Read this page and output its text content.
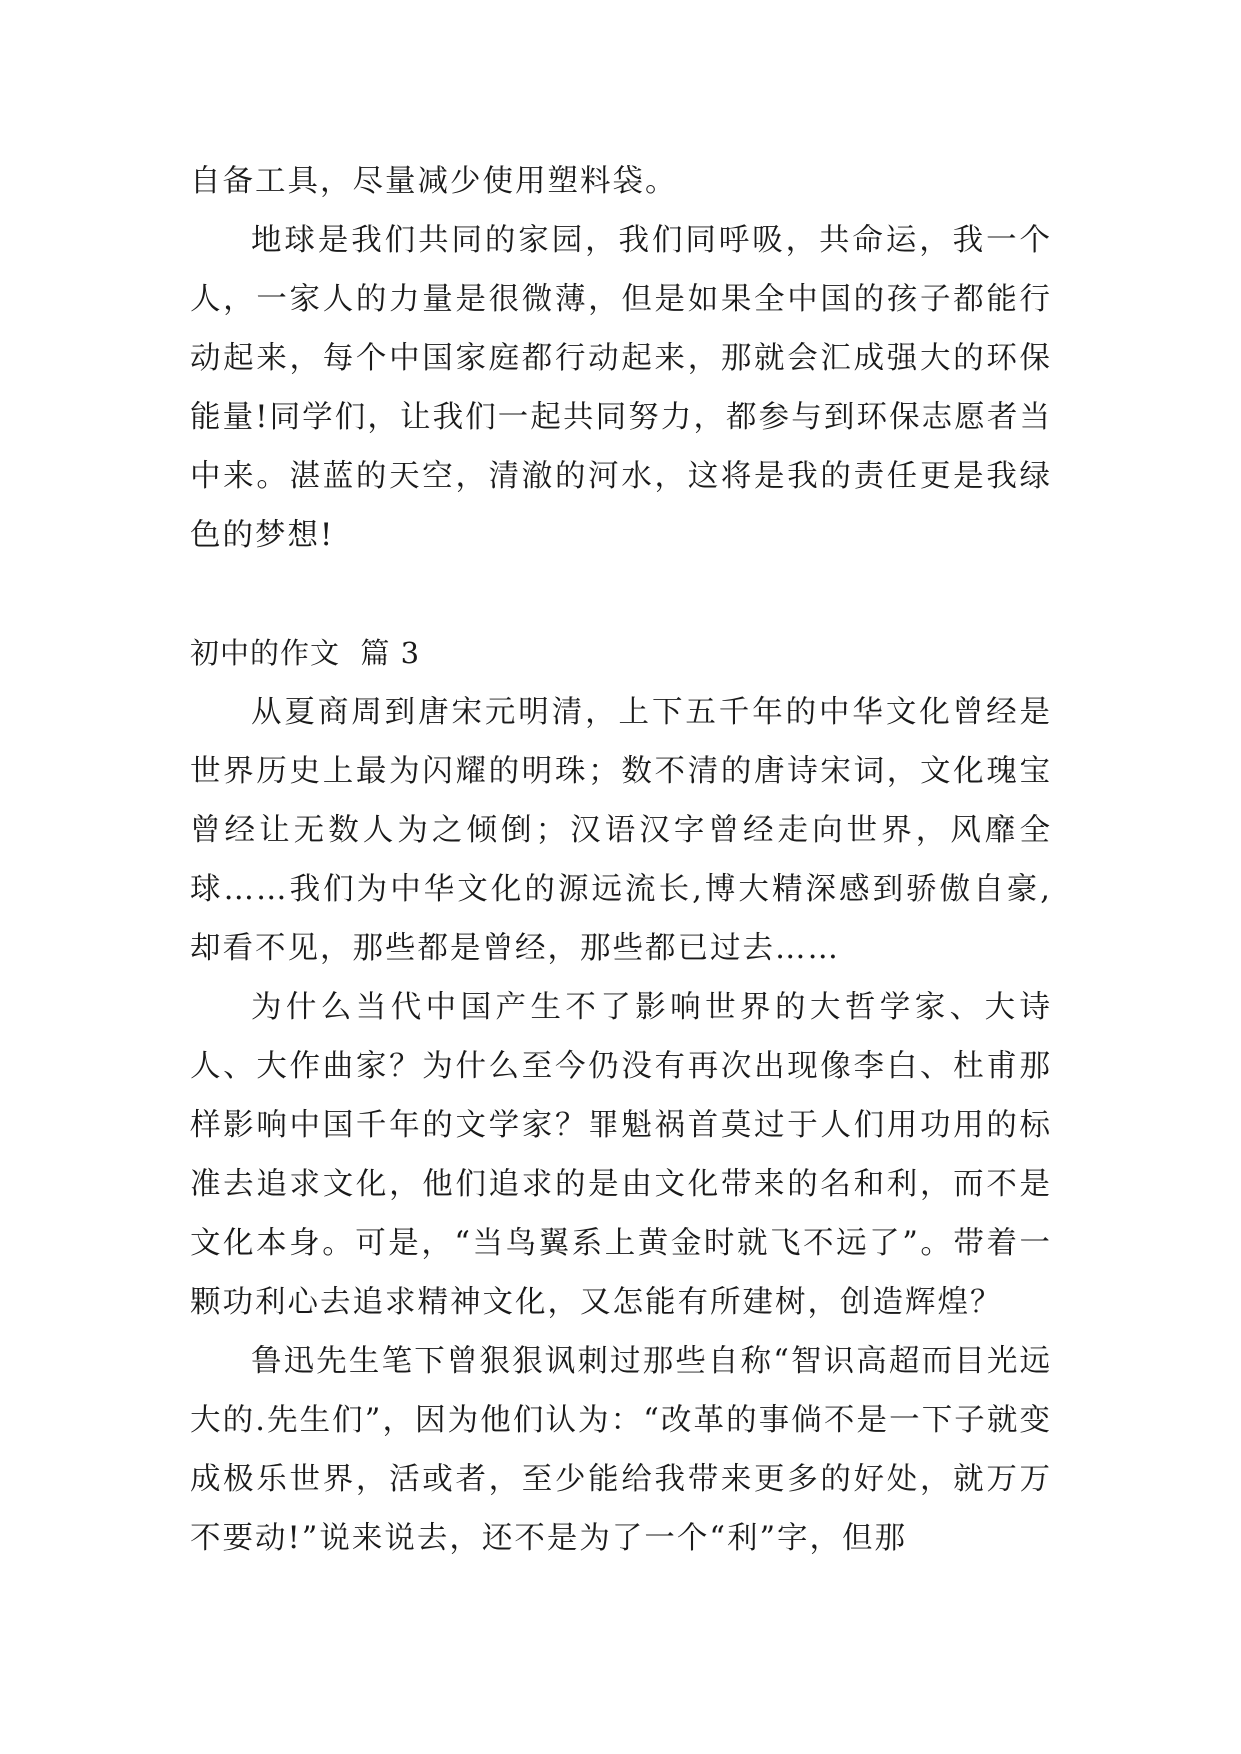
自备工具，尽量减少使用塑料袋。

地球是我们共同的家园，我们同呼吸，共命运，我一个人，一家人的力量是很微薄，但是如果全中国的孩子都能行动起来，每个中国家庭都行动起来，那就会汇成强大的环保能量!同学们，让我们一起共同努力，都参与到环保志愿者当中来。湛蓝的天空，清澈的河水，这将是我的责任更是我绿色的梦想!

初中的作文  篇 3

从夏商周到唐宋元明清，上下五千年的中华文化曾经是世界历史上最为闪耀的明珠；数不清的唐诗宋词，文化瑰宝曾经让无数人为之倾倒；汉语汉字曾经走向世界，风靡全球……我们为中华文化的源远流长,博大精深感到骄傲自豪,却看不见，那些都是曾经，那些都已过去……

为什么当代中国产生不了影响世界的大哲学家、大诗人、大作曲家？为什么至今仍没有再次出现像李白、杜甫那样影响中国千年的文学家？罪魁祸首莫过于人们用功用的标准去追求文化，他们追求的是由文化带来的名和利，而不是文化本身。可是，“当鸟翼系上黄金时就飞不远了”。带着一颗功利心去追求精神文化，又怎能有所建树，创造辉煌？

鲁迅先生笔下曾狠狠讽刺过那些自称“智识高超而目光远大的.先生们”，因为他们认为：“改革的事倘不是一下子就变成极乐世界，活或者，至少能给我带来更多的好处，就万万不要动!”说来说去，还不是为了一个“利”字，但那
